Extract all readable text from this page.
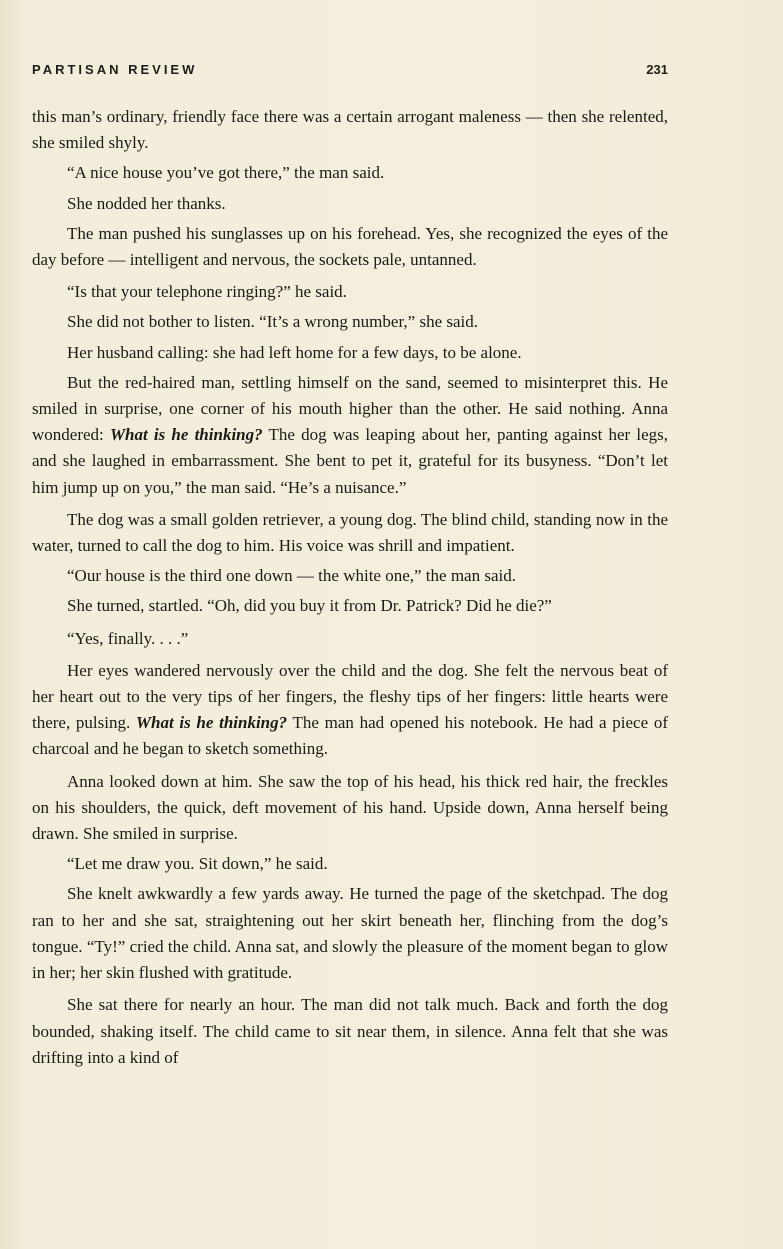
PARTISAN REVIEW	231

this man’s ordinary, friendly face there was a certain arrogant maleness — then she relented, she smiled shyly.

“A nice house you’ve got there,” the man said.

She nodded her thanks.

The man pushed his sunglasses up on his forehead. Yes, she recognized the eyes of the day before — intelligent and nervous, the sockets pale, untanned.

“Is that your telephone ringing?” he said.

She did not bother to listen. “It’s a wrong number,” she said.

Her husband calling: she had left home for a few days, to be alone.

But the red-haired man, settling himself on the sand, seemed to misinterpret this. He smiled in surprise, one corner of his mouth higher than the other. He said nothing. Anna wondered: What is he thinking? The dog was leaping about her, panting against her legs, and she laughed in embarrassment. She bent to pet it, grateful for its busyness. “Don’t let him jump up on you,” the man said. “He’s a nuisance.”

The dog was a small golden retriever, a young dog. The blind child, standing now in the water, turned to call the dog to him. His voice was shrill and impatient.

“Our house is the third one down — the white one,” the man said.

She turned, startled. “Oh, did you buy it from Dr. Patrick? Did he die?”

“Yes, finally. . . .”

Her eyes wandered nervously over the child and the dog. She felt the nervous beat of her heart out to the very tips of her fingers, the fleshy tips of her fingers: little hearts were there, pulsing. What is he thinking? The man had opened his notebook. He had a piece of charcoal and he began to sketch something.

Anna looked down at him. She saw the top of his head, his thick red hair, the freckles on his shoulders, the quick, deft movement of his hand. Upside down, Anna herself being drawn. She smiled in surprise.

“Let me draw you. Sit down,” he said.

She knelt awkwardly a few yards away. He turned the page of the sketchpad. The dog ran to her and she sat, straightening out her skirt beneath her, flinching from the dog’s tongue. “Ty!” cried the child. Anna sat, and slowly the pleasure of the moment began to glow in her; her skin flushed with gratitude.

She sat there for nearly an hour. The man did not talk much. Back and forth the dog bounded, shaking itself. The child came to sit near them, in silence. Anna felt that she was drifting into a kind of
